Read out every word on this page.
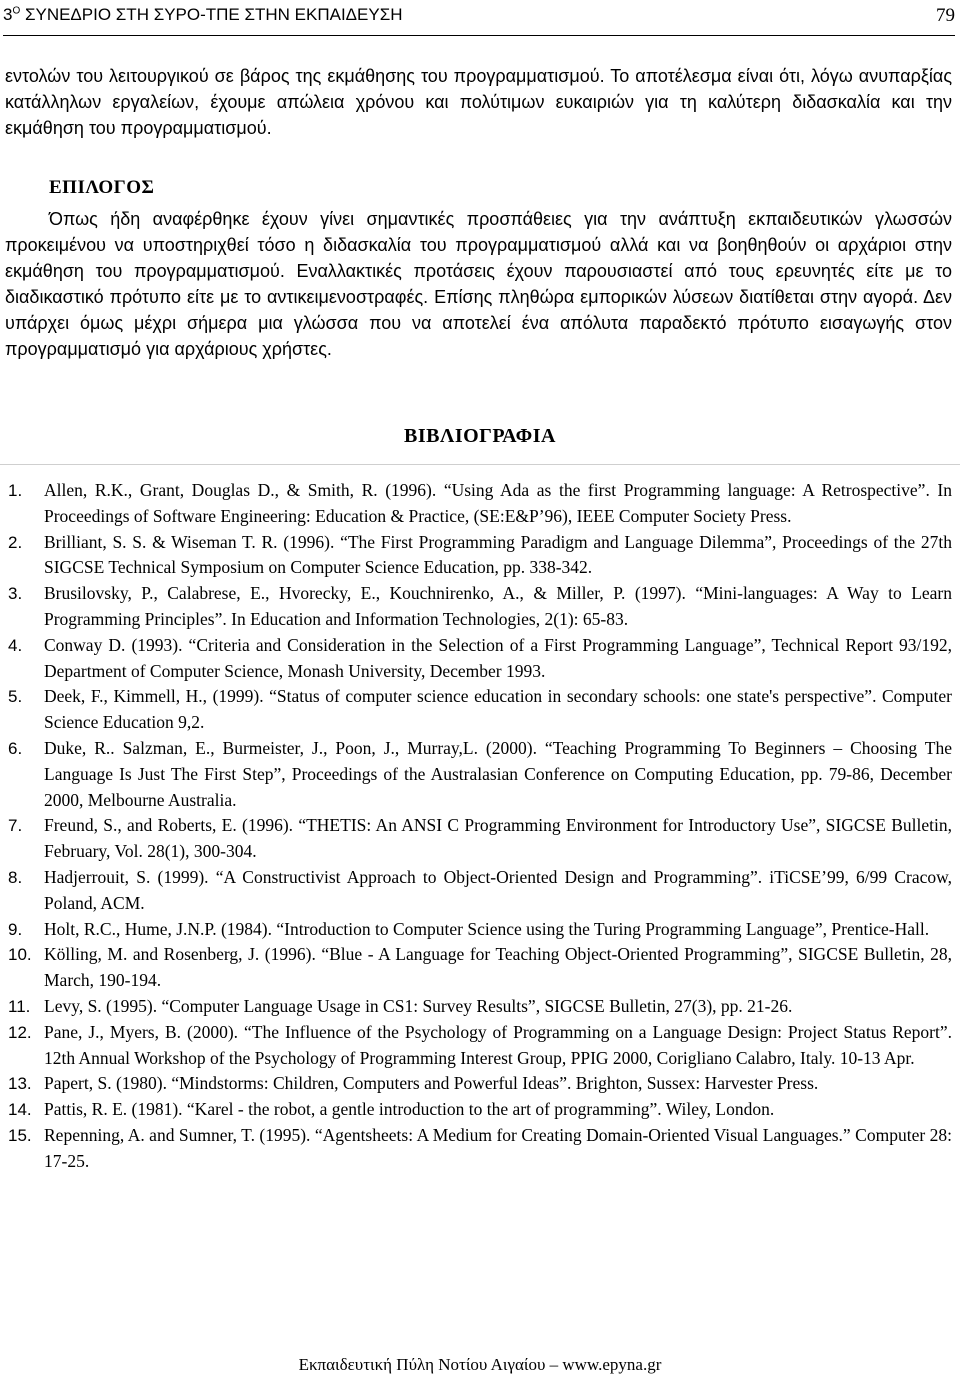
$3^O$ ΣΥΝΕΔΡΙΟ ΣΤΗ ΣΥΡΟ-ΤΠΕ ΣΤΗΝ ΕΚΠΑΙΔΕΥΣΗ	79
εντολών του λειτουργικού σε βάρος της εκμάθησης του προγραμματισμού. Το αποτέλεσμα είναι ότι, λόγω ανυπαρξίας κατάλληλων εργαλείων, έχουμε απώλεια χρόνου και πολύτιμων ευκαιριών για τη καλύτερη διδασκαλία και την εκμάθηση του προγραμματισμού.
ΕΠΙΛΟΓΟΣ
Όπως ήδη αναφέρθηκε έχουν γίνει σημαντικές προσπάθειες για την ανάπτυξη εκπαιδευτικών γλωσσών προκειμένου να υποστηριχθεί τόσο η διδασκαλία του προγραμματισμού αλλά και να βοηθηθούν οι αρχάριοι στην εκμάθηση του προγραμματισμού. Εναλλακτικές προτάσεις έχουν παρουσιαστεί από τους ερευνητές είτε με το διαδικαστικό πρότυπο είτε με το αντικειμενοστραφές. Επίσης πληθώρα εμπορικών λύσεων διατίθεται στην αγορά. Δεν υπάρχει όμως μέχρι σήμερα μια γλώσσα που να αποτελεί ένα απόλυτα παραδεκτό πρότυπο εισαγωγής στον προγραμματισμό για αρχάριους χρήστες.
ΒΙΒΛΙΟΓΡΑΦΙΑ
1.	Allen, R.K., Grant, Douglas D., & Smith, R. (1996). “Using Ada as the first Programming language: A Retrospective”. In Proceedings of Software Engineering: Education & Practice, (SE:E&P’96), IEEE Computer Society Press.
2.	Brilliant, S. S. & Wiseman T. R. (1996). “The First Programming Paradigm and Language Dilemma”, Proceedings of the 27th SIGCSE Technical Symposium on Computer Science Education, pp. 338-342.
3.	Brusilovsky, P., Calabrese, E., Hvorecky, E., Kouchnirenko, A., & Miller, P. (1997). “Mini-languages: A Way to Learn Programming Principles”. In Education and Information Technologies, 2(1): 65-83.
4.	Conway D. (1993). “Criteria and Consideration in the Selection of a First Programming Language”, Technical Report 93/192, Department of Computer Science, Monash University, December 1993.
5.	Deek, F., Kimmell, H., (1999). “Status of computer science education in secondary schools: one state's perspective”. Computer Science Education 9,2.
6.	Duke, R.. Salzman, E., Burmeister, J., Poon, J., Murray,L. (2000). “Teaching Programming To Beginners – Choosing The Language Is Just The First Step”, Proceedings of the Australasian Conference on Computing Education, pp. 79-86, December 2000, Melbourne Australia.
7.	Freund, S., and Roberts, E. (1996). “THETIS: An ANSI C Programming Environment for Introductory Use”, SIGCSE Bulletin, February, Vol. 28(1), 300-304.
8.	Hadjerrouit, S. (1999). “A Constructivist Approach to Object-Oriented Design and Programming”. iTiCSE’99, 6/99 Cracow, Poland, ACM.
9.	Holt, R.C., Hume, J.N.P. (1984). “Introduction to Computer Science using the Turing Programming Language”, Prentice-Hall.
10. Kölling, M. and Rosenberg, J. (1996). “Blue - A Language for Teaching Object-Oriented Programming”, SIGCSE Bulletin, 28, March, 190-194.
11. Levy, S. (1995). “Computer Language Usage in CS1: Survey Results”, SIGCSE Bulletin, 27(3), pp. 21-26.
12. Pane, J., Myers, B. (2000). “The Influence of the Psychology of Programming on a Language Design: Project Status Report”. 12th Annual Workshop of the Psychology of Programming Interest Group, PPIG 2000, Corigliano Calabro, Italy. 10-13 Apr.
13. Papert, S. (1980). “Mindstorms: Children, Computers and Powerful Ideas”. Brighton, Sussex: Harvester Press.
14. Pattis, R. E. (1981). “Karel - the robot, a gentle introduction to the art of programming”. Wiley, London.
15. Repenning, A. and Sumner, T. (1995). “Agentsheets: A Medium for Creating Domain-Oriented Visual Languages.” Computer 28: 17-25.
Εκπαιδευτική Πύλη Νοτίου Αιγαίου – www.epyna.gr
